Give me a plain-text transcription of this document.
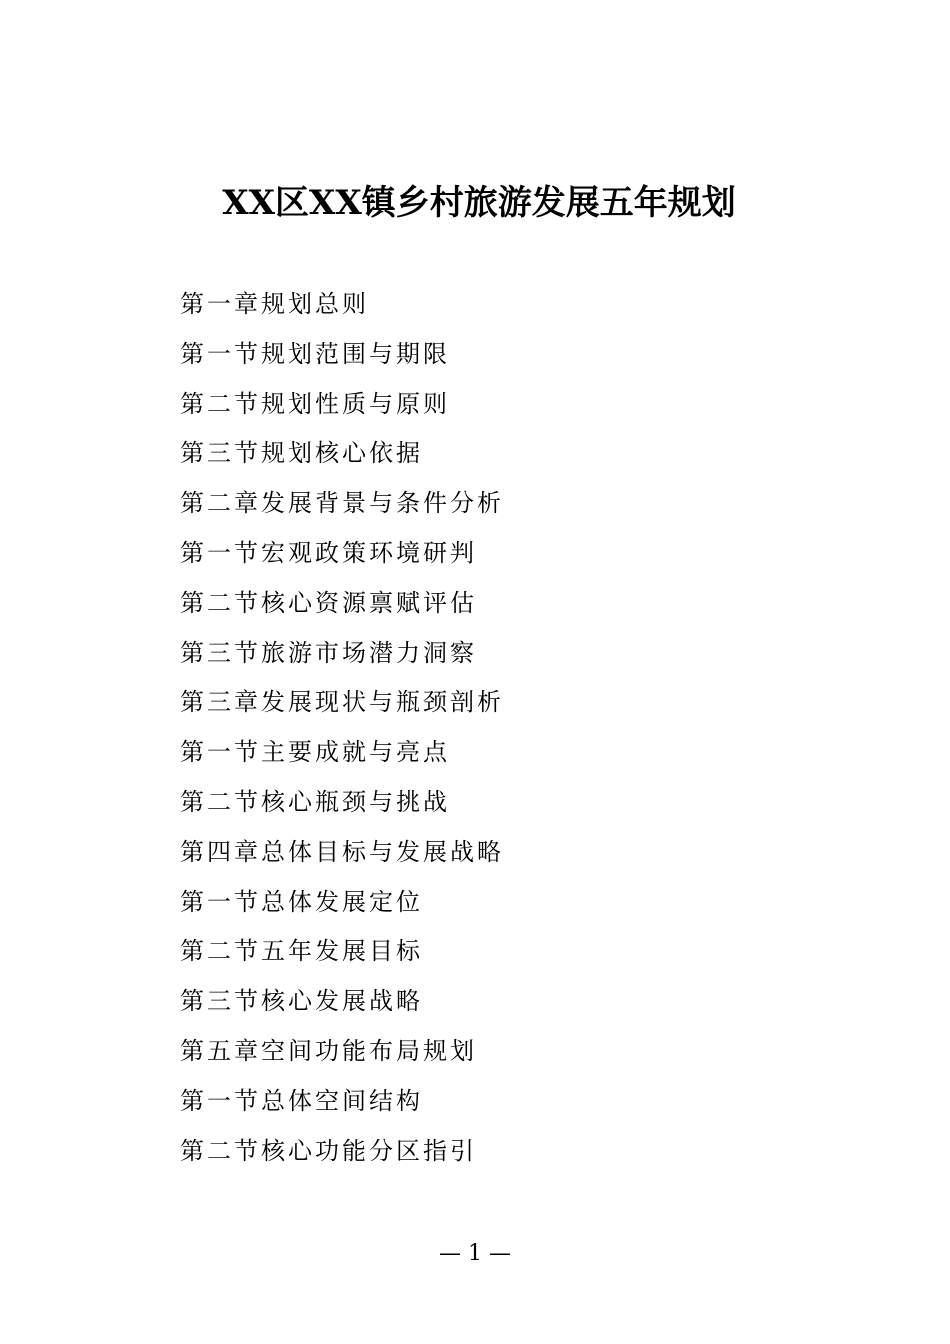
XX区XX镇乡村旅游发展五年规划
第一章规划总则
第一节规划范围与期限
第二节规划性质与原则
第三节规划核心依据
第二章发展背景与条件分析
第一节宏观政策环境研判
第二节核心资源禀赋评估
第三节旅游市场潜力洞察
第三章发展现状与瓶颈剖析
第一节主要成就与亮点
第二节核心瓶颈与挑战
第四章总体目标与发展战略
第一节总体发展定位
第二节五年发展目标
第三节核心发展战略
第五章空间功能布局规划
第一节总体空间结构
第二节核心功能分区指引
— 1 —
